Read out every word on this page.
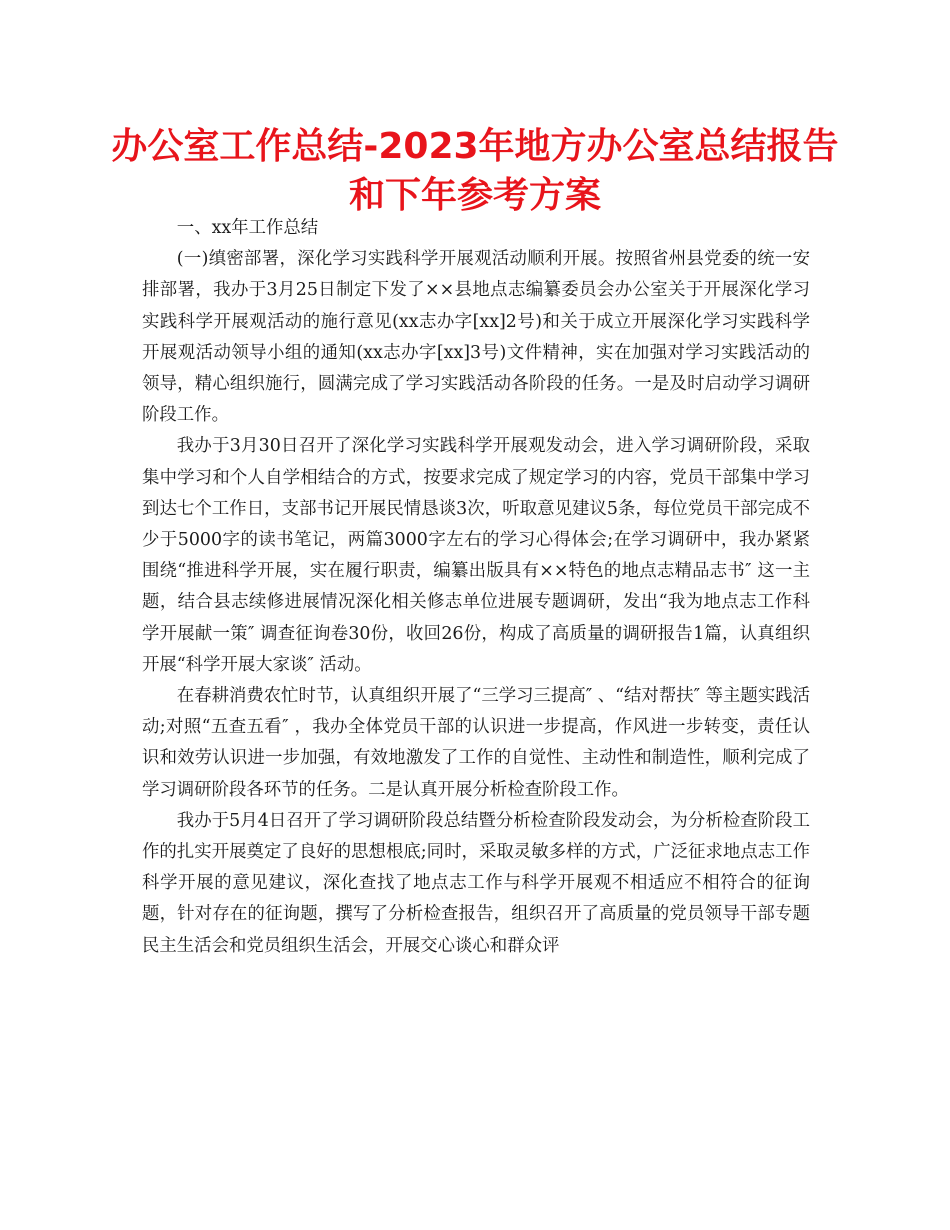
办公室工作总结-2023年地方办公室总结报告和下年参考方案

一、xx年工作总结

(一)缜密部署，深化学习实践科学开展观活动顺利开展。按照省州县党委的统一安排部署，我办于3月25日制定下发了××县地点志编纂委员会办公室关于开展深化学习实践科学开展观活动的施行意见(xx志办字[xx]2号)和关于成立开展深化学习实践科学开展观活动领导小组的通知(xx志办字[xx]3号)文件精神，实在加强对学习实践活动的领导，精心组织施行，圆满完成了学习实践活动各阶段的任务。一是及时启动学习调研阶段工作。

我办于3月30日召开了深化学习实践科学开展观发动会，进入学习调研阶段，采取集中学习和个人自学相结合的方式，按要求完成了规定学习的内容，党员干部集中学习到达七个工作日，支部书记开展民情恳谈3次，听取意见建议5条，每位党员干部完成不少于5000字的读书笔记，两篇3000字左右的学习心得体会;在学习调研中，我办紧紧围绕“推进科学开展，实在履行职责，编纂出版具有××特色的地点志精品志书″ 这一主题，结合县志续修进展情况深化相关修志单位进展专题调研，发出“我为地点志工作科学开展献一策″ 调查征询卷30份，收回26份，构成了高质量的调研报告1篇，认真组织开展“科学开展大家谈″ 活动。

在春耕消费农忙时节，认真组织开展了“三学习三提高″ 、“结对帮扶″ 等主题实践活动;对照“五查五看″ ，我办全体党员干部的认识进一步提高，作风进一步转变，责任认识和效劳认识进一步加强，有效地激发了工作的自觉性、主动性和制造性，顺利完成了学习调研阶段各环节的任务。二是认真开展分析检查阶段工作。

我办于5月4日召开了学习调研阶段总结暨分析检查阶段发动会，为分析检查阶段工作的扎实开展奠定了良好的思想根底;同时，采取灵敏多样的方式，广泛征求地点志工作科学开展的意见建议，深化查找了地点志工作与科学开展观不相适应不相符合的征询题，针对存在的征询题，撰写了分析检查报告，组织召开了高质量的党员领导干部专题民主生活会和党员组织生活会，开展交心谈心和群众评
